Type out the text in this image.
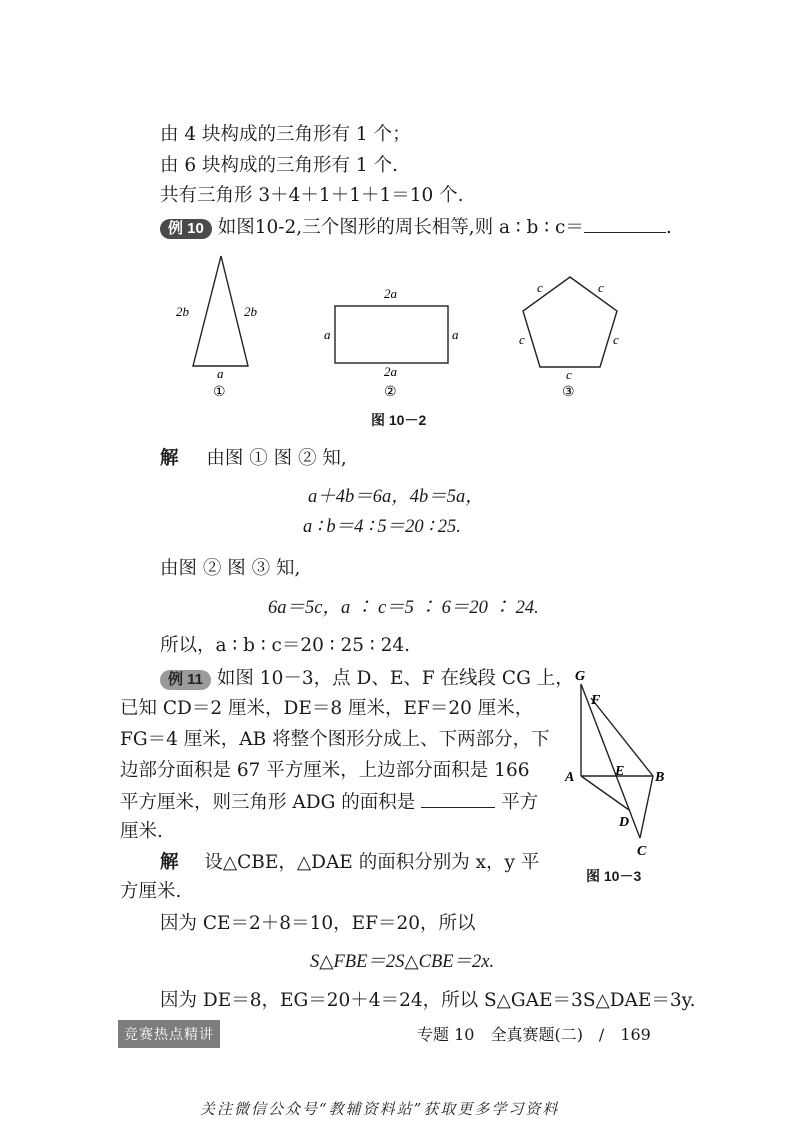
由 4 块构成的三角形有 1 个；
由 6 块构成的三角形有 1 个.
共有三角形 3＋4＋1＋1＋1＝10 个.
例 10 如图10-2,三个图形的周长相等,则 a ∶ b ∶ c＝	.
2b	2b
a
①
2a
2a
a	a
②
c	c
c	c
c
③
图 10－2
解 由图 ① 图 ② 知,
a＋4b＝6a，4b＝5a，
a ∶ b＝4 ∶ 5＝20 ∶ 25.
由图 ② 图 ③ 知,
6a＝5c，a ∶ c＝5 ∶ 6＝20 ∶ 24.
所以，a ∶ b ∶ c＝20 ∶ 25 ∶ 24.
例 11 如图 10－3，点 D、E、F 在线段 CG 上，
已知 CD＝2 厘米，DE＝8 厘米，EF＝20 厘米，
FG＝4 厘米，AB 将整个图形分成上、下两部分，下
边部分面积是 67 平方厘米，上边部分面积是 166
平方厘米，则三角形 ADG 的面积是	平方
厘米.
G
F
A	E B
D
C
图 10－3
解 设△CBE，△DAE 的面积分别为 x，y 平
方厘米.
因为 CE＝2＋8＝10，EF＝20，所以
S△FBE＝2S△CBE＝2x.
因为 DE＝8，EG＝20＋4＝24，所以 S△GAE＝3S△DAE＝3y.
竞赛热点精讲	专题 10　全真赛题(二)　/　169
关注微信公众号“教辅资料站”获取更多学习资料
